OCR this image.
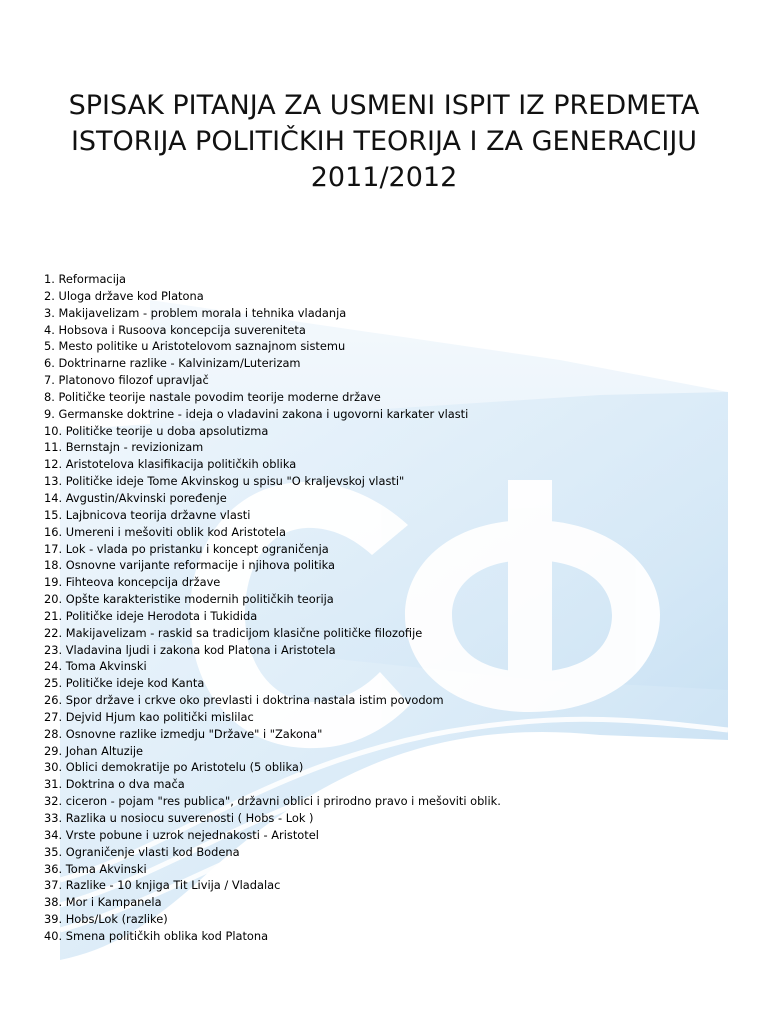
SPISAK PITANJA ZA USMENI ISPIT IZ PREDMETA
ISTORIJA POLITIČKIH TEORIJA I ZA GENERACIJU
2011/2012
1. Reformacija
2. Uloga države kod Platona
3. Makijavelizam - problem morala i tehnika vladanja
4. Hobsova i Rusoova koncepcija suvereniteta
5. Mesto politike u Aristotelovom saznajnom sistemu
6. Doktrinarne razlike - Kalvinizam/Luterizam
7. Platonovo filozof upravljač
8. Političke teorije nastale povodim teorije moderne države
9. Germanske doktrine - ideja o vladavini zakona i ugovorni karkater vlasti
10. Političke teorije u doba apsolutizma
11. Bernstajn - revizionizam
12. Aristotelova klasifikacija političkih oblika
13. Političke ideje Tome Akvinskog u spisu "O kraljevskoj vlasti"
14. Avgustin/Akvinski poređenje
15. Lajbnicova teorija državne vlasti
16. Umereni i mešoviti oblik kod Aristotela
17. Lok - vlada po pristanku i koncept ograničenja
18. Osnovne varijante reformacije i njihova politika
19. Fihteova koncepcija države
20. Opšte karakteristike modernih političkih teorija
21. Političke ideje Herodota i Tukidida
22. Makijavelizam - raskid sa tradicijom klasične političke filozofije
23. Vladavina ljudi i zakona kod Platona i Aristotela
24. Toma Akvinski
25. Političke ideje kod Kanta
26. Spor države i crkve oko prevlasti i doktrina nastala istim povodom
27. Dejvid Hjum kao politički mislilac
28. Osnovne razlike izmedju "Države" i "Zakona"
29. Johan Altuzije
30. Oblici demokratije po Aristotelu (5 oblika)
31. Doktrina o dva mača
32. ciceron - pojam "res publica", državni oblici i prirodno pravo i mešoviti oblik.
33. Razlika u nosiocu suverenosti ( Hobs - Lok )
34. Vrste pobune i uzrok nejednakosti - Aristotel
35. Ograničenje vlasti kod Bodena
36. Toma Akvinski
37. Razlike - 10 knjiga Tit Livija / Vladalac
38. Mor i Kampanela
39. Hobs/Lok (razlike)
40. Smena političkih oblika kod Platona
